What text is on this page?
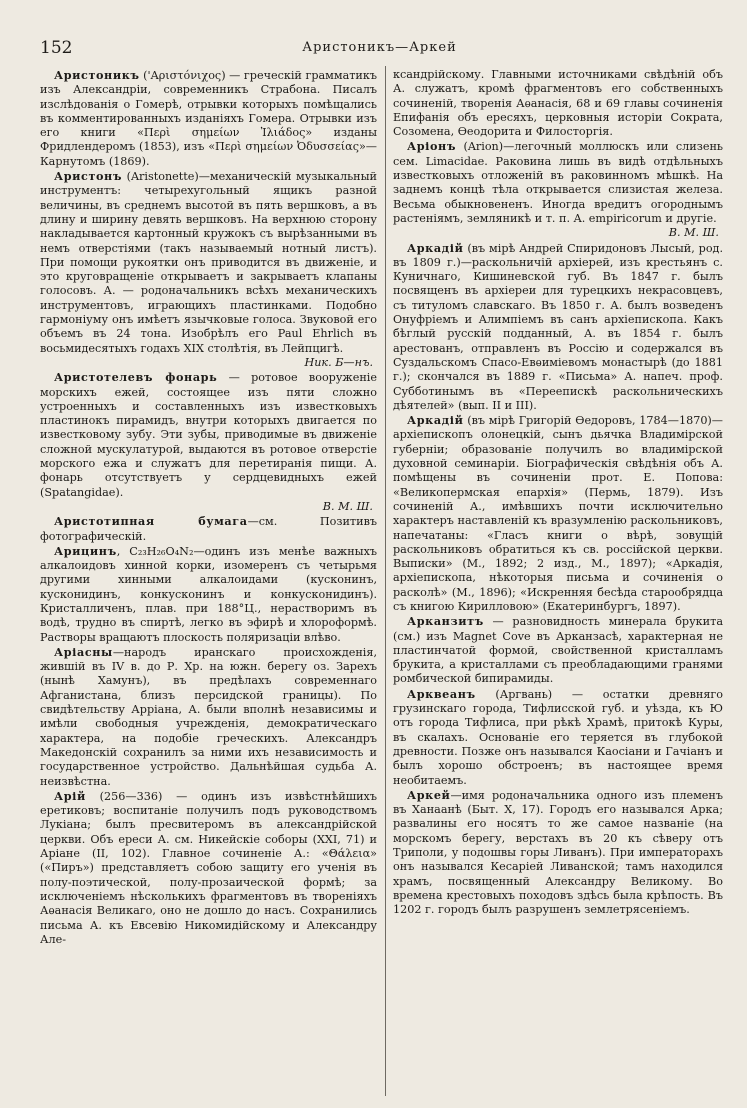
152	Аристоникъ—Аркей

Аристоникъ ('Aριστόνιχος) — греческій грамматикъ изъ Александріи, современникъ Страбона. Писалъ изслѣдованія о Гомерѣ, отрывки которыхъ помѣщались въ комментированныхъ изданіяхъ Гомера. Отрывки изъ его книги «Περὶ σημείων Ἰλιάδος» изданы Фридлендеромъ (1853), изъ «Περὶ σημείων Ὀδυσσείας»—Карнутомъ (1869).

Аристонъ (Aristonette)—механическій музыкальный инструментъ: четырехугольный ящикъ разной величины, въ среднемъ высотой въ пять вершковъ, а въ длину и ширину девять вершковъ. На верхнюю сторону накладывается картонный кружокъ съ вырѣзанными въ немъ отверстіями (такъ называемый нотный листъ). При помощи рукоятки онъ приводится въ движеніе, и это круговращеніе открываетъ и закрываетъ клапаны голосовъ. А. — родоначальникъ всѣхъ механическихъ инструментовъ, играющихъ пластинками. Подобно гармоніуму онъ имѣетъ язычковые голоса. Звуковой его объемъ въ 24 тона. Изобрѣлъ его Paul Ehrlich въ восьмидесятыхъ годахъ XIX столѣтія, въ Лейпцигѣ.
Ник. Б—нъ.

Аристотелевъ фонарь — ротовое вооруженіе морскихъ ежей, состоящее изъ пяти сложно устроенныхъ и составленныхъ изъ известковыхъ пластинокъ пирамидъ, внутри которыхъ двигается по известковому зубу. Эти зубы, приводимые въ движеніе сложной мускулатурой, выдаются въ ротовое отверстіе морского ежа и служатъ для перетиранія пищи. А. фонарь отсутствуетъ у сердцевидныхъ ежей (Spatangidae).
В. М. Ш.

Аристотипная бумага—см. Позитивъ фотографическій.

Арицинъ, C₂₃H₂₆O₄N₂—одинъ изъ менѣе важныхъ алкалоидовъ хинной корки, изомеренъ съ четырьмя другими хинными алкалоидами (кусконинъ, кусконидинъ, конкусконинъ и конкусконидинъ). Кристалличенъ, плав. при 188°Ц., нерастворимъ въ водѣ, трудно въ спиртѣ, легко въ эфирѣ и хлороформѣ. Растворы вращаютъ плоскость поляризаціи влѣво.

Аріасны—народъ иранскаго происхожденія, жившій въ IV в. до Р. Хр. на южн. берегу оз. Зарехъ (нынѣ Хамунъ), въ предѣлахъ современнаго Афганистана, близъ персидской границы). По свидѣтельству Арріана, А. были вполнѣ независимы и имѣли свободныя учрежденія, демократическаго характера, на подобіе греческихъ. Александръ Македонскій сохранилъ за ними ихъ независимость и государственное устройство. Дальнѣйшая судьба А. неизвѣстна.

Арій (256—336) — одинъ изъ извѣстнѣйшихъ еретиковъ; воспитаніе получилъ подъ руководствомъ Лукіана; былъ пресвитеромъ въ александрійской церкви. Объ ереси А. см. Никейскіе соборы (XXI, 71) и Аріане (II, 102). Главное сочиненіе А.: «Θάλεια» («Пиръ») представляетъ собою защиту его ученія въ полу-поэтической, полу-прозаической формѣ; за исключеніемъ нѣсколькихъ фрагментовъ въ твореніяхъ Аѳанасія Великаго, оно не дошло до насъ. Сохранились письма А. къ Евсевію Никомидійскому и Александру Але-

ксандрійскому. Главными источниками свѣдѣній объ А. служатъ, кромѣ фрагментовъ его собственныхъ сочиненій, творенія Аѳанасія, 68 и 69 главы сочиненія Епифанія объ ересяхъ, церковныя исторіи Сократа, Созомена, Ѳеодорита и Филосторгія.

Аріонъ (Arion)—легочный моллюскъ или слизень сем. Limacidae. Раковина лишь въ видѣ отдѣльныхъ известковыхъ отложеній въ раковинномъ мѣшкѣ. На заднемъ концѣ тѣла открывается слизистая железа. Весьма обыкновененъ. Иногда вредитъ огороднымъ растеніямъ, земляникѣ и т. п. A. empiricorum и другіе.
В. М. Ш.

Аркадій (въ мірѣ Андрей Спиридоновъ Лысый, род. въ 1809 г.)—раскольничій архіерей, изъ крестьянъ с. Куничнаго, Кишиневской губ. Въ 1847 г. былъ посвященъ въ архіереи для турецкихъ некрасовцевъ, съ титуломъ славскаго. Въ 1850 г. А. былъ возведенъ Онуфріемъ и Алимпіемъ въ санъ архіепископа. Какъ бѣглый русскій подданный, А. въ 1854 г. былъ арестованъ, отправленъ въ Россію и содержался въ Суздальскомъ Спасо-Евѳиміевомъ монастырѣ (до 1881 г.); скончался въ 1889 г. «Письма» А. напеч. проф. Субботинымъ въ «Переепискѣ раскольническихъ дѣятелей» (вып. II и III).

Аркадій (въ мірѣ Григорій Ѳедоровъ, 1784—1870)—архіепископъ олонецкій, сынъ дьячка Владимірской губерніи; образованіе получилъ во владимірской духовной семинаріи. Біографическія свѣдѣнія объ А. помѣщены въ сочиненіи прот. Е. Попова: «Великопермская епархія» (Пермь, 1879). Изъ сочиненій А., имѣвшихъ почти исключительно характеръ наставленій къ вразумленію раскольниковъ, напечатаны: «Гласъ книги о вѣрѣ, зовущій раскольниковъ обратиться къ св. россійской церкви. Выписки» (М., 1892; 2 изд., М., 1897); «Аркадія, архіепископа, нѣкоторыя письма и сочиненія о расколѣ» (М., 1896); «Искренняя бесѣда старообрядца съ книгою Кирилловою» (Екатеринбургъ, 1897).

Арканзитъ — разновидность минерала брукита (см.) изъ Magnet Cove въ Арканзасѣ, характерная не пластинчатой формой, свойственной кристалламъ брукита, а кристаллами съ преобладающими гранями ромбической бипирамиды.

Арквеанъ (Аргвань) — остатки древняго грузинскаго города, Тифлисской губ. и уѣзда, къ Ю отъ города Тифлиса, при рѣкѣ Храмѣ, притокѣ Куры, въ скалахъ. Основаніе его теряется въ глубокой древности. Позже онъ назывался Каосіани и Гачіанъ и былъ хорошо обстроенъ; въ настоящее время необитаемъ.

Аркей—имя родоначальника одного изъ племенъ въ Ханаанѣ (Быт. X, 17). Городъ его назывался Арка; развалины его носятъ то же самое названіе (на морскомъ берегу, верстахъ въ 20 къ сѣверу отъ Триполи, у подошвы горы Ливанъ). При императорахъ онъ назывался Кесаріей Ливанской; тамъ находился храмъ, посвященный Александру Великому. Во времена крестовыхъ походовъ здѣсь была крѣпость. Въ 1202 г. городъ былъ разрушенъ землетрясеніемъ.
